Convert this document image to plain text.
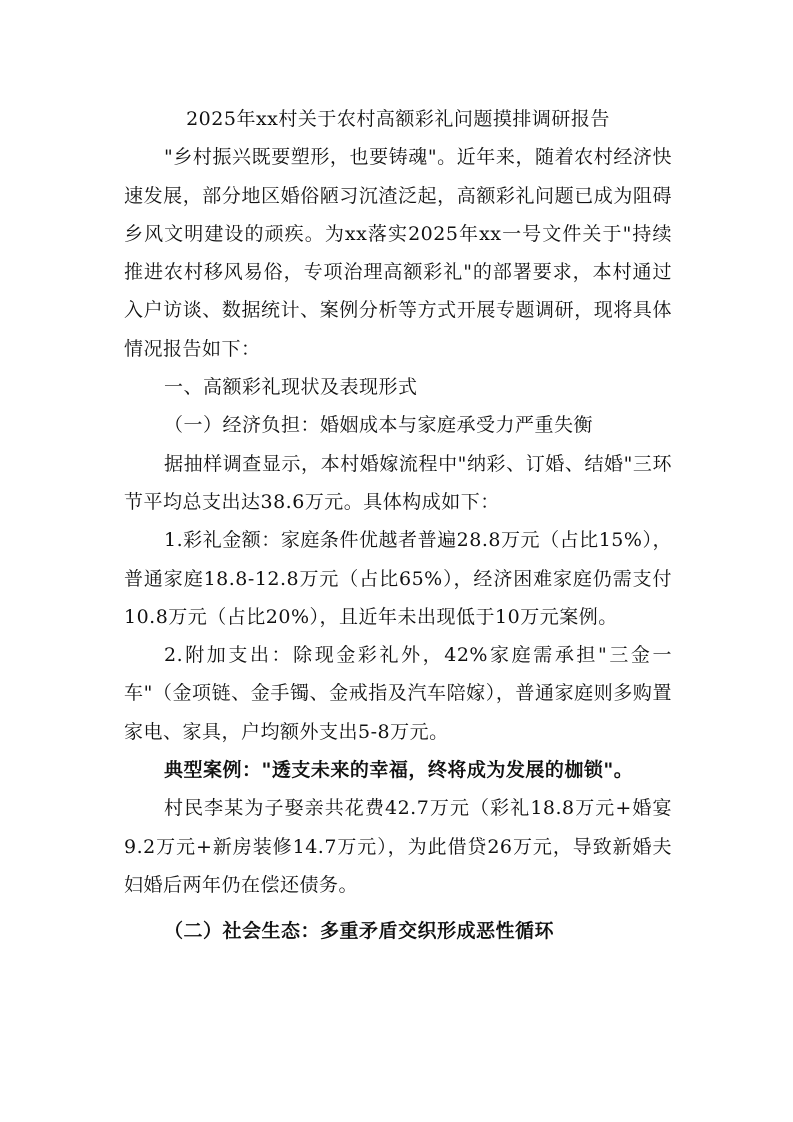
2025年xx村关于农村高额彩礼问题摸排调研报告

"乡村振兴既要塑形，也要铸魂"。近年来，随着农村经济快速发展，部分地区婚俗陋习沉渣泛起，高额彩礼问题已成为阻碍乡风文明建设的顽疾。为xx落实2025年xx一号文件关于"持续推进农村移风易俗，专项治理高额彩礼"的部署要求，本村通过入户访谈、数据统计、案例分析等方式开展专题调研，现将具体情况报告如下：

一、高额彩礼现状及表现形式

（一）经济负担：婚姻成本与家庭承受力严重失衡

据抽样调查显示，本村婚嫁流程中"纳彩、订婚、结婚"三环节平均总支出达38.6万元。具体构成如下：

1.彩礼金额：家庭条件优越者普遍28.8万元（占比15%），普通家庭18.8-12.8万元（占比65%），经济困难家庭仍需支付10.8万元（占比20%），且近年未出现低于10万元案例。

2.附加支出：除现金彩礼外，42%家庭需承担"三金一车"（金项链、金手镯、金戒指及汽车陪嫁），普通家庭则多购置家电、家具，户均额外支出5-8万元。

典型案例："透支未来的幸福，终将成为发展的枷锁"。

村民李某为子娶亲共花费42.7万元（彩礼18.8万元+婚宴9.2万元+新房装修14.7万元），为此借贷26万元，导致新婚夫妇婚后两年仍在偿还债务。

（二）社会生态：多重矛盾交织形成恶性循环
